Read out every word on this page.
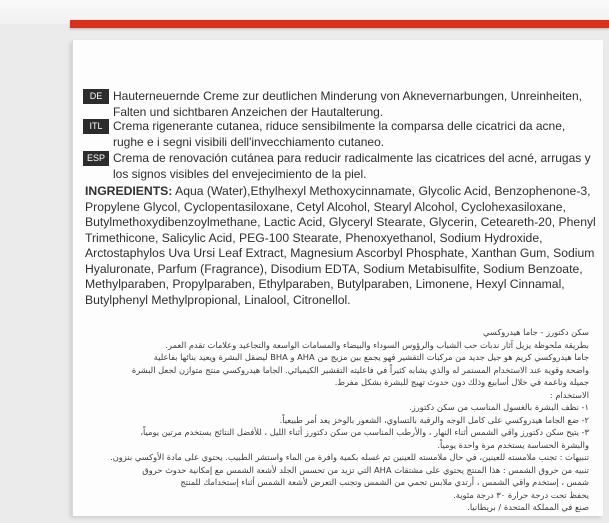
DE Hauterneuernde Creme zur deutlichen Minderung von Aknevernarbungen, Unreinheiten, Falten und sichtbaren Anzeichen der Hautalterung.
ITL Crema rigenerante cutanea, riduce sensibilmente la comparsa delle cicatrici da acne, rughe e i segni visibili dell'invecchiamento cutaneo.
ESP Crema de renovación cutánea para reducir radicalmente las cicatrices del acné, arrugas y los signos visibles del envejecimiento de la piel.
INGREDIENTS: Aqua (Water),Ethylhexyl Methoxycinnamate, Glycolic Acid, Benzophenone-3, Propylene Glycol, Cyclopentasiloxane, Cetyl Alcohol, Stearyl Alcohol, Cyclohexasiloxane, Butylmethoxydibenzoylmethane, Lactic Acid, Glyceryl Stearate, Glycerin, Ceteareth-20, Phenyl Trimethicone, Salicylic Acid, PEG-100 Stearate, Phenoxyethanol, Sodium Hydroxide, Arctostaphylos Uva Ursi Leaf Extract, Magnesium Ascorbyl Phosphate, Xanthan Gum, Sodium Hyaluronate, Parfum (Fragrance), Disodium EDTA, Sodium Metabisulfite, Sodium Benzoate, Methylparaben, Propylparaben, Ethylparaben, Butylparaben, Limonene, Hexyl Cinnamal, Butylphenyl Methylpropional, Linalool, Citronellol.
سكن دكتورز - جاما هيدروكسي
بطريقة ملحوظة يزيل آثار ندبات حب الشباب والرؤوس السوداء والبيضاء والمسامات الواسعة والتجاعيد وعلامات تقدم العمر.
جاما هيدروكسي كريم هو جيل جديد من مركبات التقشير فهو يجمع بين مزيج من AHA و BHA ليصقل البشرة ويعيد بنائها بفاعلية
واضحة وقوية عند الاستخدام المستمر له والذي يشابه كثيراً في فاعليته التقشير الكيميائي. الجاما هيدروكسي منتج متوازن لجعل البشرة
جميلة وناعمة في خلال أسابيع وذلك دون حدوث تهيج للبشرة بشكل مفرط.
الاستخدام :
١- نظف البشرة بالغسول المناسب من سكن دكتورز.
٢- ضع الجاما هيدروكسي على كامل الوجه والرقبة بالتساوي، الشعور بالوخز يعد أمر طبيعياً.
٣- يتيح سكن دكتورز واقي الشمس أثناء النهار ، والأرطب المناسب من سكن دكتورز أثناء الليل ، للأفضل النتائج يستخدم مرتين يومياً،
والبشرة الحساسة يستخدم مرة واحدة يومياً.
تنبيهات : تجنب ملامسته للعينين، في حال ملامسته للعينين تم غسله بكمية وافرة من الماء واستشر الطبيب. يحتوي على مادة الأوكسي بنزون.
تنبيه من حروق الشمس : هذا المنتج يحتوي على مشتقات AHA التي تزيد من تحسس الجلد لأشعة الشمس مع إمكانية حدوث حروق
شمس ، إستخدم واقي الشمس ، أرتدي ملابس تحمي من الشمس وتجنب التعرض لأشعة الشمس أثناء إستخدامك للمنتج
يحفظ تحت درجة حرارة ٣٠ درجة مئوية.
صنع في المملكة المتحدة / بريطانيا.
